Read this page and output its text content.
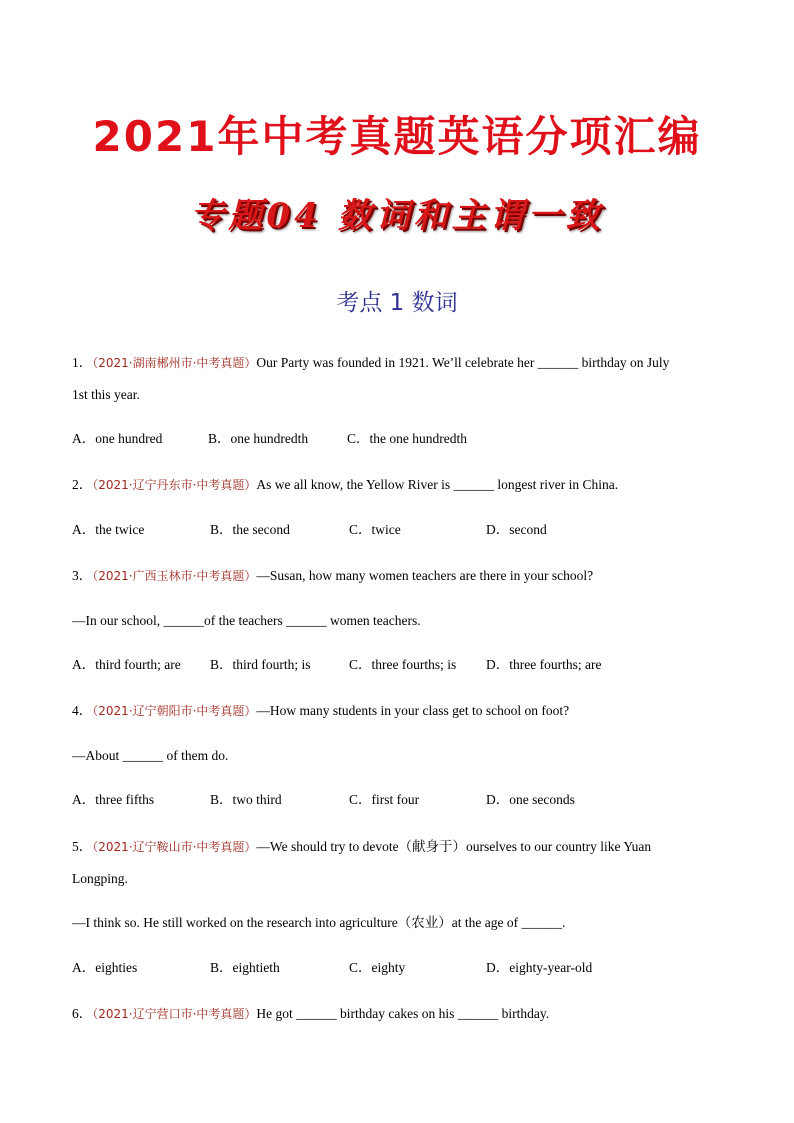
2021年中考真题英语分项汇编
专题04 数词和主谓一致
考点 1 数词
1．（2021·湖南郴州市·中考真题）Our Party was founded in 1921. We’ll celebrate her ______ birthday on July
1st this year.
A．one hundred	B．one hundredth	C．the one hundredth
2．（2021·辽宁丹东市·中考真题）As we all know, the Yellow River is ______ longest river in China.
A．the twice	B．the second	C．twice	D．second
3．（2021·广西玉林市·中考真题）—Susan, how many women teachers are there in your school?
—In our school, ______of the teachers ______ women teachers.
A．third fourth; are B．third fourth; is	C．three fourths; is D．three fourths; are
4．（2021·辽宁朝阳市·中考真题）—How many students in your class get to school on foot?
—About ______ of them do.
A．three fifths	B．two third	C．first four	D．one seconds
5．（2021·辽宁鞍山市·中考真题）—We should try to devote（献身于）ourselves to our country like Yuan
Longping.
—I think so. He still worked on the research into agriculture（农业）at the age of ______.
A．eighties	B．eightieth	C．eighty	D．eighty-year-old
6．（2021·辽宁营口市·中考真题）He got ______ birthday cakes on his ______ birthday.
